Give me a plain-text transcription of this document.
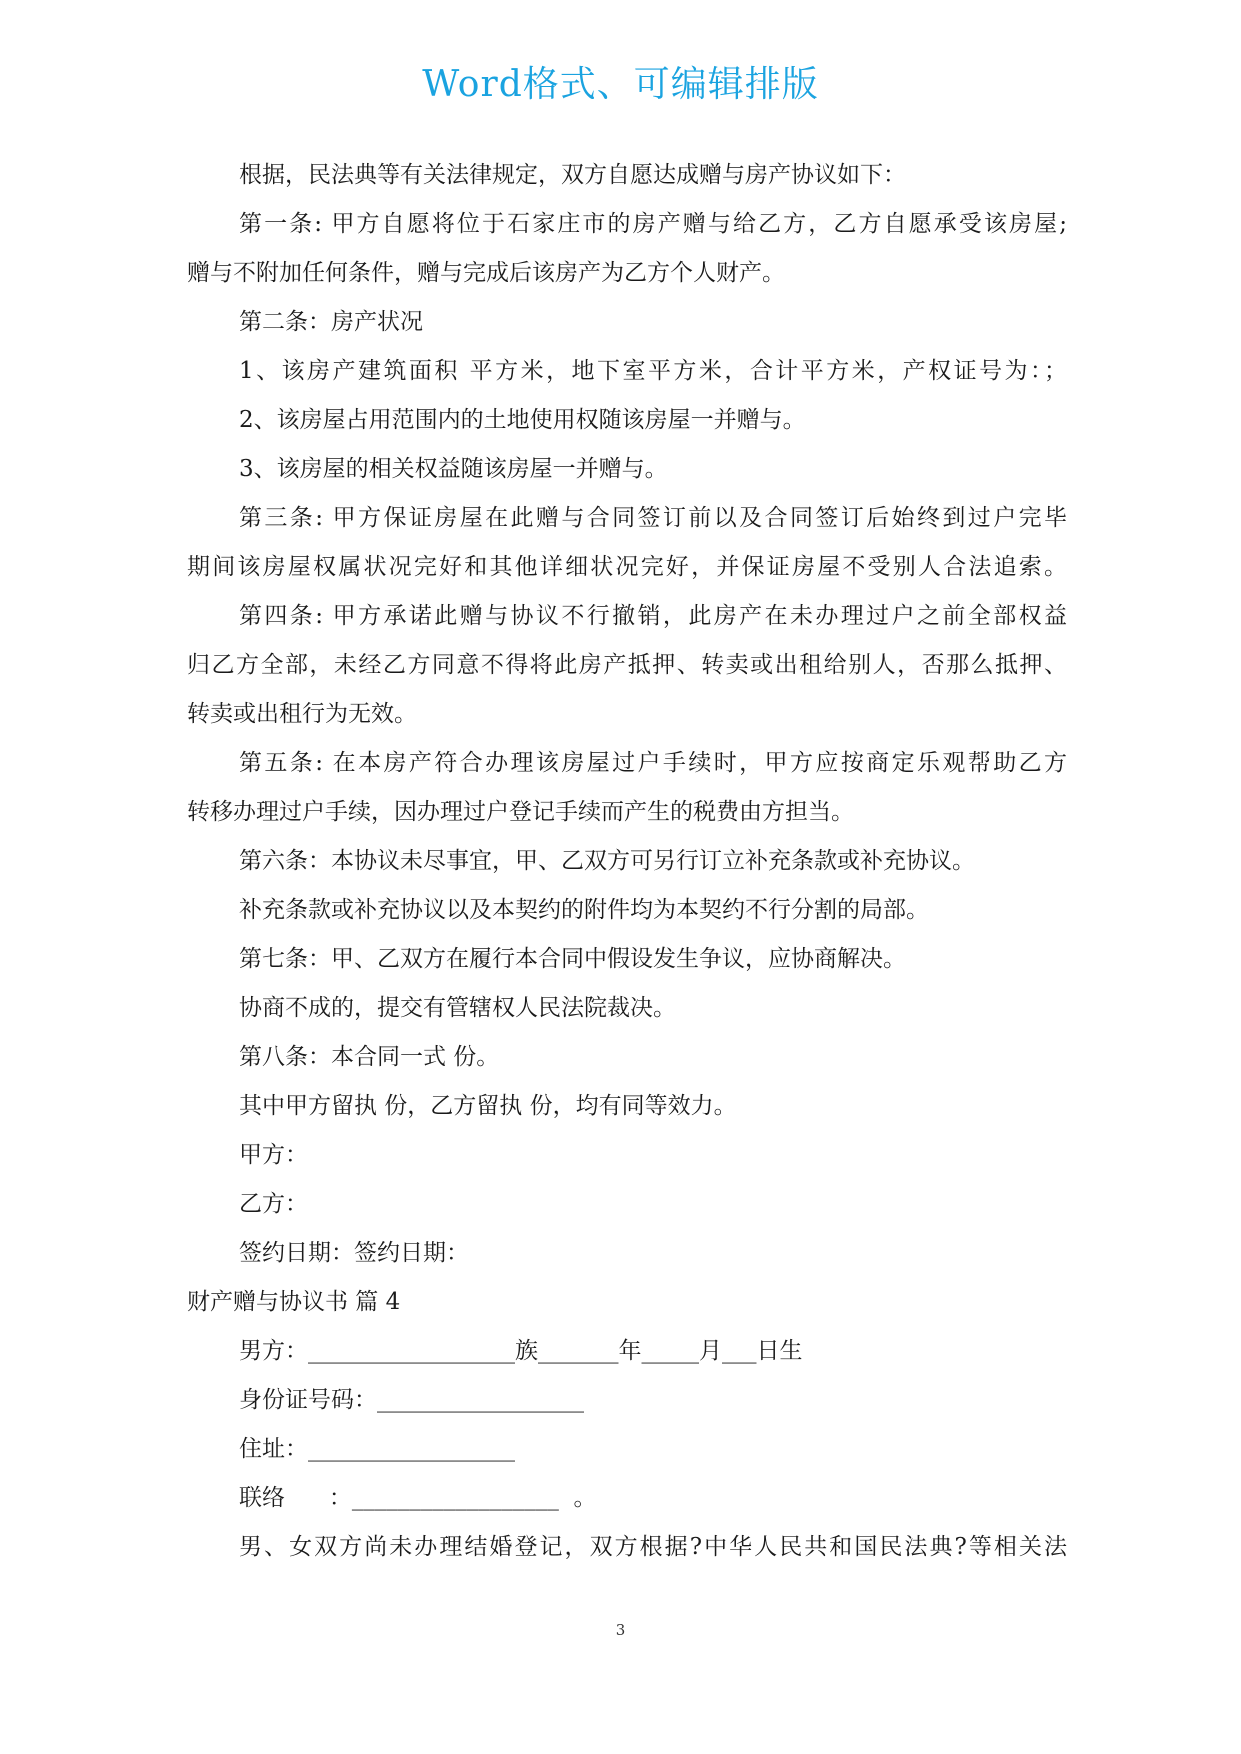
Word格式、可编辑排版
根据，民法典等有关法律规定，双方自愿达成赠与房产协议如下：
第一条: 甲方自愿将位于石家庄市的房产赠与给乙方，乙方自愿承受该房屋;
赠与不附加任何条件，赠与完成后该房产为乙方个人财产。
第二条：房产状况
1、该房产建筑面积 平方米，地下室平方米，合计平方米，产权证号为：；
2、该房屋占用范围内的土地使用权随该房屋一并赠与。
3、该房屋的相关权益随该房屋一并赠与。
第三条: 甲方保证房屋在此赠与合同签订前以及合同签订后始终到过户完毕
期间该房屋权属状况完好和其他详细状况完好，并保证房屋不受别人合法追索。
第四条: 甲方承诺此赠与协议不行撤销，此房产在未办理过户之前全部权益
归乙方全部，未经乙方同意不得将此房产抵押、转卖或出租给别人，否那么抵押、
转卖或出租行为无效。
第五条: 在本房产符合办理该房屋过户手续时，甲方应按商定乐观帮助乙方
转移办理过户手续，因办理过户登记手续而产生的税费由方担当。
第六条：本协议未尽事宜，甲、乙双方可另行订立补充条款或补充协议。
补充条款或补充协议以及本契约的附件均为本契约不行分割的局部。
第七条：甲、乙双方在履行本合同中假设发生争议，应协商解决。
协商不成的，提交有管辖权人民法院裁决。
第八条：本合同一式 份。
其中甲方留执 份，乙方留执 份，均有同等效力。
甲方：
乙方：
签约日期：签约日期：
财产赠与协议书 篇 4
男方：__________________族_______年_____月___日生
身份证号码：__________________
住址：__________________
联络      ：__________________  。
男、女双方尚未办理结婚登记，双方根据?中华人民共和国民法典?等相关法
3
